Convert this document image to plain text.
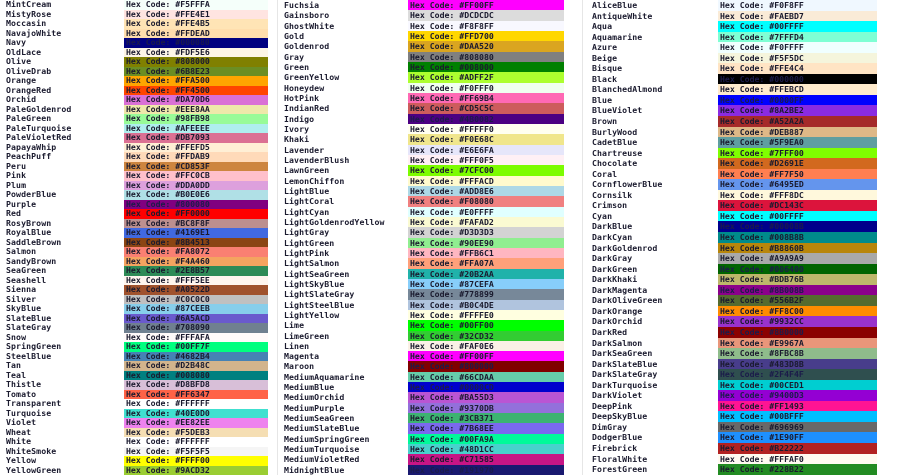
MintCream	Hex Code: #F5FFFA
MistyRose	Hex Code: #FFE4E1
Moccasin	Hex Code: #FFE4B5
NavajoWhite	Hex Code: #FFDEAD
Navy	Hex Code: #000080
OldLace	Hex Code: #FDF5E6
Olive	Hex Code: #808000
OliveDrab	Hex Code: #6B8E23
Orange	Hex Code: #FFA500
OrangeRed	Hex Code: #FF4500
Orchid	Hex Code: #DA70D6
PaleGoldenrod	Hex Code: #EEE8AA
PaleGreen	Hex Code: #98FB98
PaleTurquoise	Hex Code: #AFEEEE
PaleVioletRed	Hex Code: #DB7093
PapayaWhip	Hex Code: #FFEFD5
PeachPuff	Hex Code: #FFDAB9
Peru	Hex Code: #CD853F
Pink	Hex Code: #FFC0CB
Plum	Hex Code: #DDA0DD
PowderBlue	Hex Code: #B0E0E6
Purple	Hex Code: #800080
Red	Hex Code: #FF0000
RosyBrown	Hex Code: #BC8F8F
RoyalBlue	Hex Code: #4169E1
SaddleBrown	Hex Code: #8B4513
Salmon	Hex Code: #FA8072
SandyBrown	Hex Code: #F4A460
SeaGreen	Hex Code: #2E8B57
Seashell	Hex Code: #FFF5EE
Sienna	Hex Code: #A0522D
Silver	Hex Code: #C0C0C0
SkyBlue	Hex Code: #87CEEB
SlateBlue	Hex Code: #6A5ACD
SlateGray	Hex Code: #708090
Snow	Hex Code: #FFFAFA
SpringGreen	Hex Code: #00FF7F
SteelBlue	Hex Code: #4682B4
Tan	Hex Code: #D2B48C
Teal	Hex Code: #008080
Thistle	Hex Code: #D8BFD8
Tomato	Hex Code: #FF6347
Transparent	Hex Code: #FFFFFF
Turquoise	Hex Code: #40E0D0
Violet	Hex Code: #EE82EE
Wheat	Hex Code: #F5DEB3
White	Hex Code: #FFFFFF
WhiteSmoke	Hex Code: #F5F5F5
Yellow	Hex Code: #FFFF00
YellowGreen	Hex Code: #9ACD32
Fuchsia	Hex Code: #FF00FF
Gainsboro	Hex Code: #DCDCDC
GhostWhite	Hex Code: #F8F8FF
Gold	Hex Code: #FFD700
Goldenrod	Hex Code: #DAA520
Gray	Hex Code: #808080
Green	Hex Code: #008000
GreenYellow	Hex Code: #ADFF2F
Honeydew	Hex Code: #F0FFF0
HotPink	Hex Code: #FF69B4
IndianRed	Hex Code: #CD5C5C
Indigo	Hex Code: #4B0082
Ivory	Hex Code: #FFFFF0
Khaki	Hex Code: #F0E68C
Lavender	Hex Code: #E6E6FA
LavenderBlush	Hex Code: #FFF0F5
LawnGreen	Hex Code: #7CFC00
LemonChiffon	Hex Code: #FFFACD
LightBlue	Hex Code: #ADD8E6
LightCoral	Hex Code: #F08080
LightCyan	Hex Code: #E0FFFF
LightGoldenrodYellow	Hex Code: #FAFAD2
LightGray	Hex Code: #D3D3D3
LightGreen	Hex Code: #90EE90
LightPink	Hex Code: #FFB6C1
LightSalmon	Hex Code: #FFA07A
LightSeaGreen	Hex Code: #20B2AA
LightSkyBlue	Hex Code: #87CEFA
LightSlateGray	Hex Code: #778899
LightSteelBlue	Hex Code: #B0C4DE
LightYellow	Hex Code: #FFFFE0
Lime	Hex Code: #00FF00
LimeGreen	Hex Code: #32CD32
Linen	Hex Code: #FAF0E6
Magenta	Hex Code: #FF00FF
Maroon	Hex Code: #800000
MediumAquamarine	Hex Code: #66CDAA
MediumBlue	Hex Code: #0000CD
MediumOrchid	Hex Code: #BA55D3
MediumPurple	Hex Code: #9370DB
MediumSeaGreen	Hex Code: #3CB371
MediumSlateBlue	Hex Code: #7B68EE
MediumSpringGreen	Hex Code: #00FA9A
MediumTurquoise	Hex Code: #48D1CC
MediumVioletRed	Hex Code: #C71585
MidnightBlue	Hex Code: #191970
AliceBlue	Hex Code: #F0F8FF
AntiqueWhite	Hex Code: #FAEBD7
Aqua	Hex Code: #00FFFF
Aquamarine	Hex Code: #7FFFD4
Azure	Hex Code: #F0FFFF
Beige	Hex Code: #F5F5DC
Bisque	Hex Code: #FFE4C4
Black	Hex Code: #000000
BlanchedAlmond	Hex Code: #FFEBCD
Blue	Hex Code: #0000FF
BlueViolet	Hex Code: #8A2BE2
Brown	Hex Code: #A52A2A
BurlyWood	Hex Code: #DEB887
CadetBlue	Hex Code: #5F9EA0
Chartreuse	Hex Code: #7FFF00
Chocolate	Hex Code: #D2691E
Coral	Hex Code: #FF7F50
CornflowerBlue	Hex Code: #6495ED
Cornsilk	Hex Code: #FFF8DC
Crimson	Hex Code: #DC143C
Cyan	Hex Code: #00FFFF
DarkBlue	Hex Code: #00008B
DarkCyan	Hex Code: #008B8B
DarkGoldenrod	Hex Code: #B8860B
DarkGray	Hex Code: #A9A9A9
DarkGreen	Hex Code: #006400
DarkKhaki	Hex Code: #BDB76B
DarkMagenta	Hex Code: #8B008B
DarkOliveGreen	Hex Code: #556B2F
DarkOrange	Hex Code: #FF8C00
DarkOrchid	Hex Code: #9932CC
DarkRed	Hex Code: #8B0000
DarkSalmon	Hex Code: #E9967A
DarkSeaGreen	Hex Code: #8FBC8B
DarkSlateBlue	Hex Code: #483D8B
DarkSlateGray	Hex Code: #2F4F4F
DarkTurquoise	Hex Code: #00CED1
DarkViolet	Hex Code: #9400D3
DeepPink	Hex Code: #FF1493
DeepSkyBlue	Hex Code: #00BFFF
DimGray	Hex Code: #696969
DodgerBlue	Hex Code: #1E90FF
Firebrick	Hex Code: #B22222
FloralWhite	Hex Code: #FFFAF0
ForestGreen	Hex Code: #228B22
